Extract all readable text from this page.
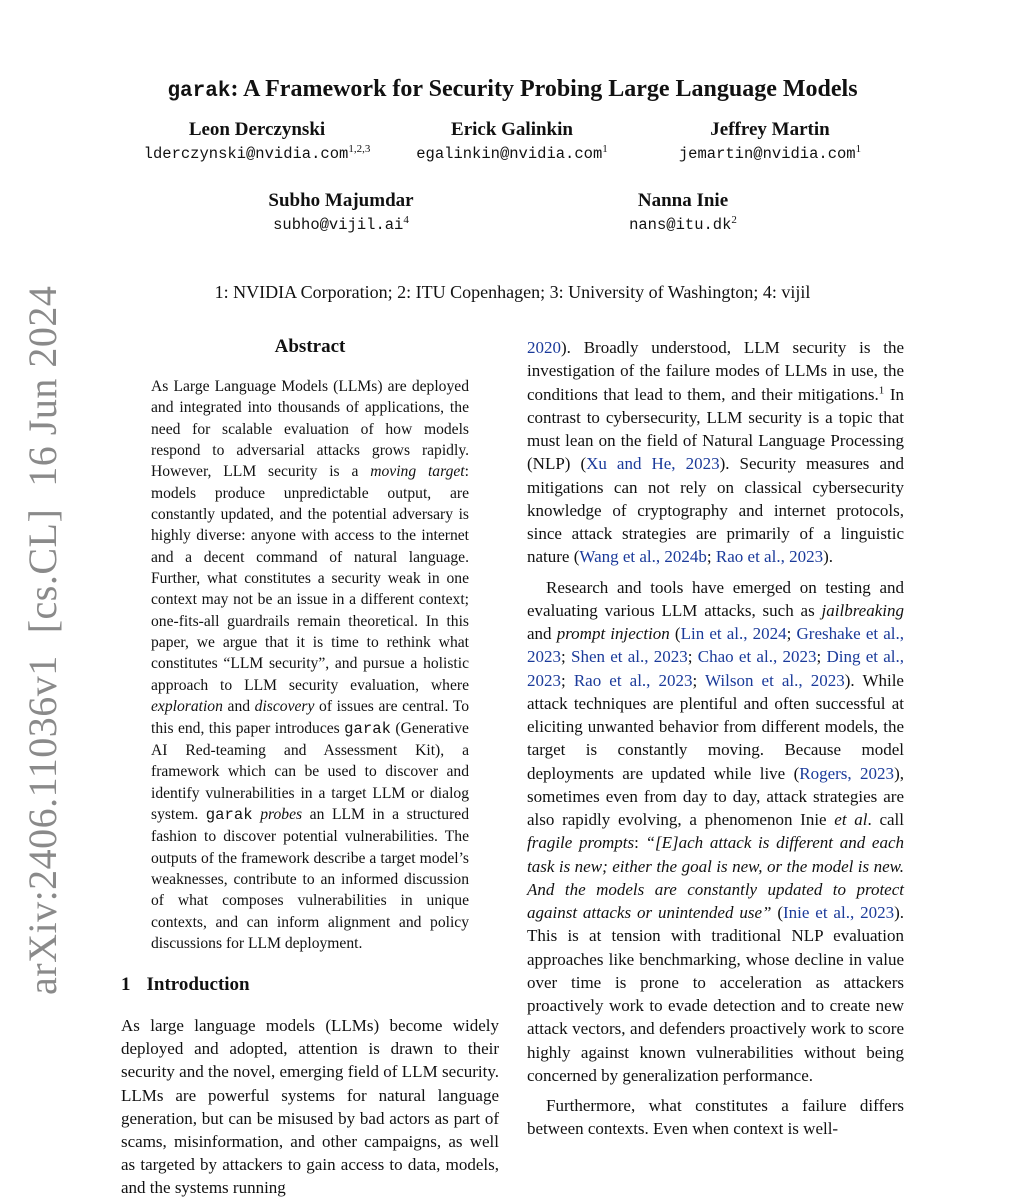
arXiv:2406.11036v1
[cs.CL]
16 Jun 2024
garak: A Framework for Security Probing Large Language Models
Leon Derczynski
lderczynski@nvidia.com$^{1,2,3}$
Erick Galinkin
egalinkin@nvidia.com$^1$
Jeffrey Martin
jemartin@nvidia.com$^1$
Subho Majumdar
$subho@vijil.ai^4$
Nanna Inie
$nans@itu.dk^2$
1: NVIDIA Corporation; 2: ITU Copenhagen; 3: University of Washington; 4: vijil
Abstract
As Large Language Models (LLMs) are deployed and integrated into thousands of applications, the need for scalable evaluation of how models respond to adversarial attacks grows rapidly. However, LLM security is a moving target: models produce unpredictable output, are constantly updated, and the potential adversary is highly diverse: anyone with access to the internet and a decent command of natural language. Further, what constitutes a security weak in one context may not be an issue in a different context; one-fits-all guardrails remain theoretical. In this paper, we argue that it is time to rethink what constitutes “LLM security”, and pursue a holistic approach to LLM security evaluation, where exploration and discovery of issues are central. To this end, this paper introduces garak (Generative AI Red-teaming and Assessment Kit), a framework which can be used to discover and identify vulnerabilities in a target LLM or dialog system. garak probes an LLM in a structured fashion to discover potential vulnerabilities. The outputs of the framework describe a target model’s weaknesses, contribute to an informed discussion of what composes vulnerabilities in unique contexts, and can inform alignment and policy discussions for LLM deployment.
1 Introduction
As large language models (LLMs) become widely deployed and adopted, attention is drawn to their security and the novel, emerging field of LLM security. LLMs are powerful systems for natural language generation, but can be misused by bad actors as part of scams, misinformation, and other campaigns, as well as targeted by attackers to gain access to data, models, and the systems running

2020). Broadly understood, LLM security is the investigation of the failure modes of LLMs in use, the conditions that lead to them, and their mitigations.$^1$ In contrast to cybersecurity, LLM security is a topic that must lean on the field of Natural Language Processing (NLP) (Xu and He, 2023). Security measures and mitigations can not rely on classical cybersecurity knowledge of cryptography and internet protocols, since attack strategies are primarily of a linguistic nature (Wang et al., 2024b; Rao et al., 2023).

Research and tools have emerged on testing and evaluating various LLM attacks, such as jailbreaking and prompt injection (Lin et al., 2024; Greshake et al., 2023; Shen et al., 2023; Chao et al., 2023; Ding et al., 2023; Rao et al., 2023; Wilson et al., 2023). While attack techniques are plentiful and often successful at eliciting unwanted behavior from different models, the target is constantly moving. Because model deployments are updated while live (Rogers, 2023), sometimes even from day to day, attack strategies are also rapidly evolving, a phenomenon Inie et al. call fragile prompts: “[E]ach attack is different and each task is new; either the goal is new, or the model is new. And the models are constantly updated to protect against attacks or unintended use” (Inie et al., 2023). This is at tension with traditional NLP evaluation approaches like benchmarking, whose decline in value over time is prone to acceleration as attackers proactively work to evade detection and to create new attack vectors, and defenders proactively work to score highly against known vulnerabilities without being concerned by generalization performance.

Furthermore, what constitutes a failure differs between contexts. Even when context is well-
